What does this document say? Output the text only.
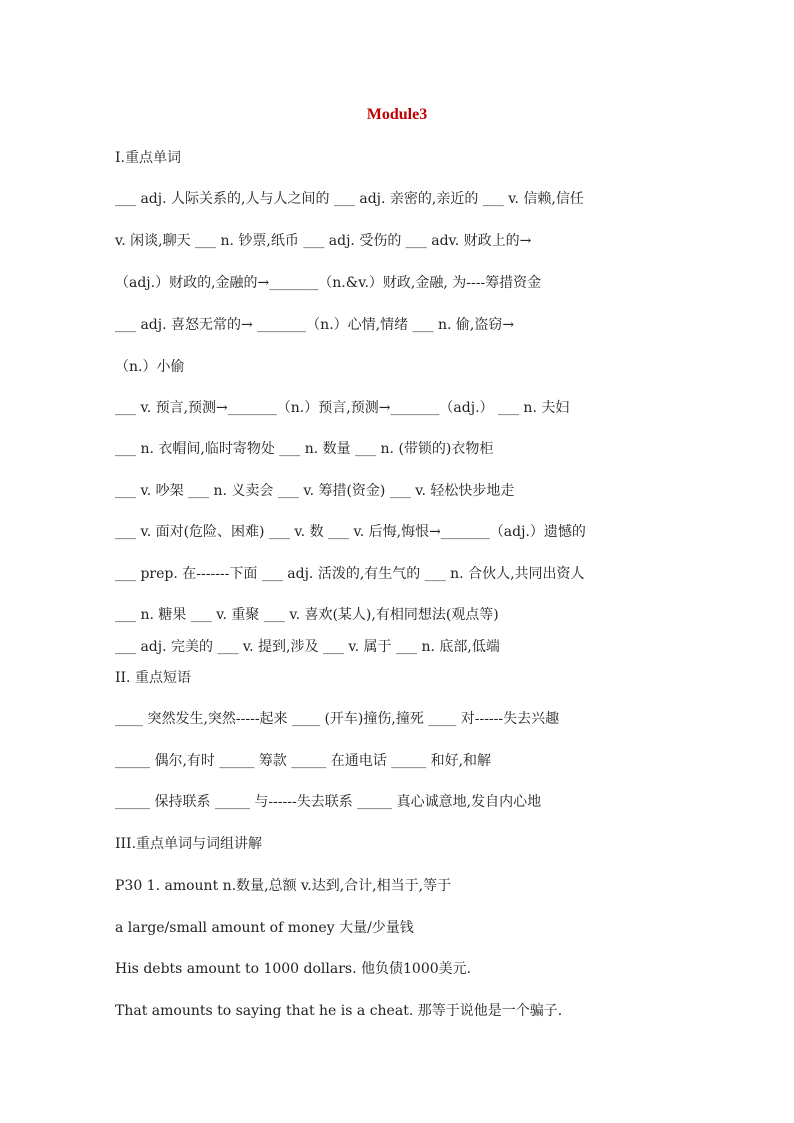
Module3
I.重点单词
___ adj. 人际关系的,人与人之间的 ___ adj. 亲密的,亲近的 ___ v. 信赖,信任
v. 闲谈,聊天 ___ n. 钞票,纸币 ___ adj. 受伤的 ___ adv. 财政上的→
（adj.）财政的,金融的→_______（n.&v.）财政,金融, 为----筹措资金
___ adj. 喜怒无常的→ _______（n.）心情,情绪 ___ n. 偷,盗窃→
（n.）小偷
___ v. 预言,预测→_______（n.）预言,预测→_______（adj.） ___ n. 夫妇
___ n. 衣帽间,临时寄物处 ___ n. 数量 ___ n. (带锁的)衣物柜
___ v. 吵架 ___ n. 义卖会 ___ v. 筹措(资金) ___ v. 轻松快步地走
___ v. 面对(危险、困难) ___ v. 数 ___ v. 后悔,悔恨→_______（adj.）遗憾的
___ prep. 在-------下面 ___ adj. 活泼的,有生气的 ___ n. 合伙人,共同出资人
___ n. 糖果 ___ v. 重聚 ___ v. 喜欢(某人),有相同想法(观点等)
___ adj. 完美的 ___ v. 提到,涉及 ___ v. 属于 ___ n. 底部,低端
II. 重点短语
____ 突然发生,突然-----起来 ____ (开车)撞伤,撞死 ____ 对------失去兴趣
_____ 偶尔,有时 _____ 筹款 _____ 在通电话 _____ 和好,和解
_____ 保持联系 _____ 与------失去联系 _____ 真心诚意地,发自内心地
III.重点单词与词组讲解
P30 1. amount n.数量,总额 v.达到,合计,相当于,等于
a large/small amount of money 大量/少量钱
His debts amount to 1000 dollars. 他负债1000美元.
That amounts to saying that he is a cheat. 那等于说他是一个骗子.
